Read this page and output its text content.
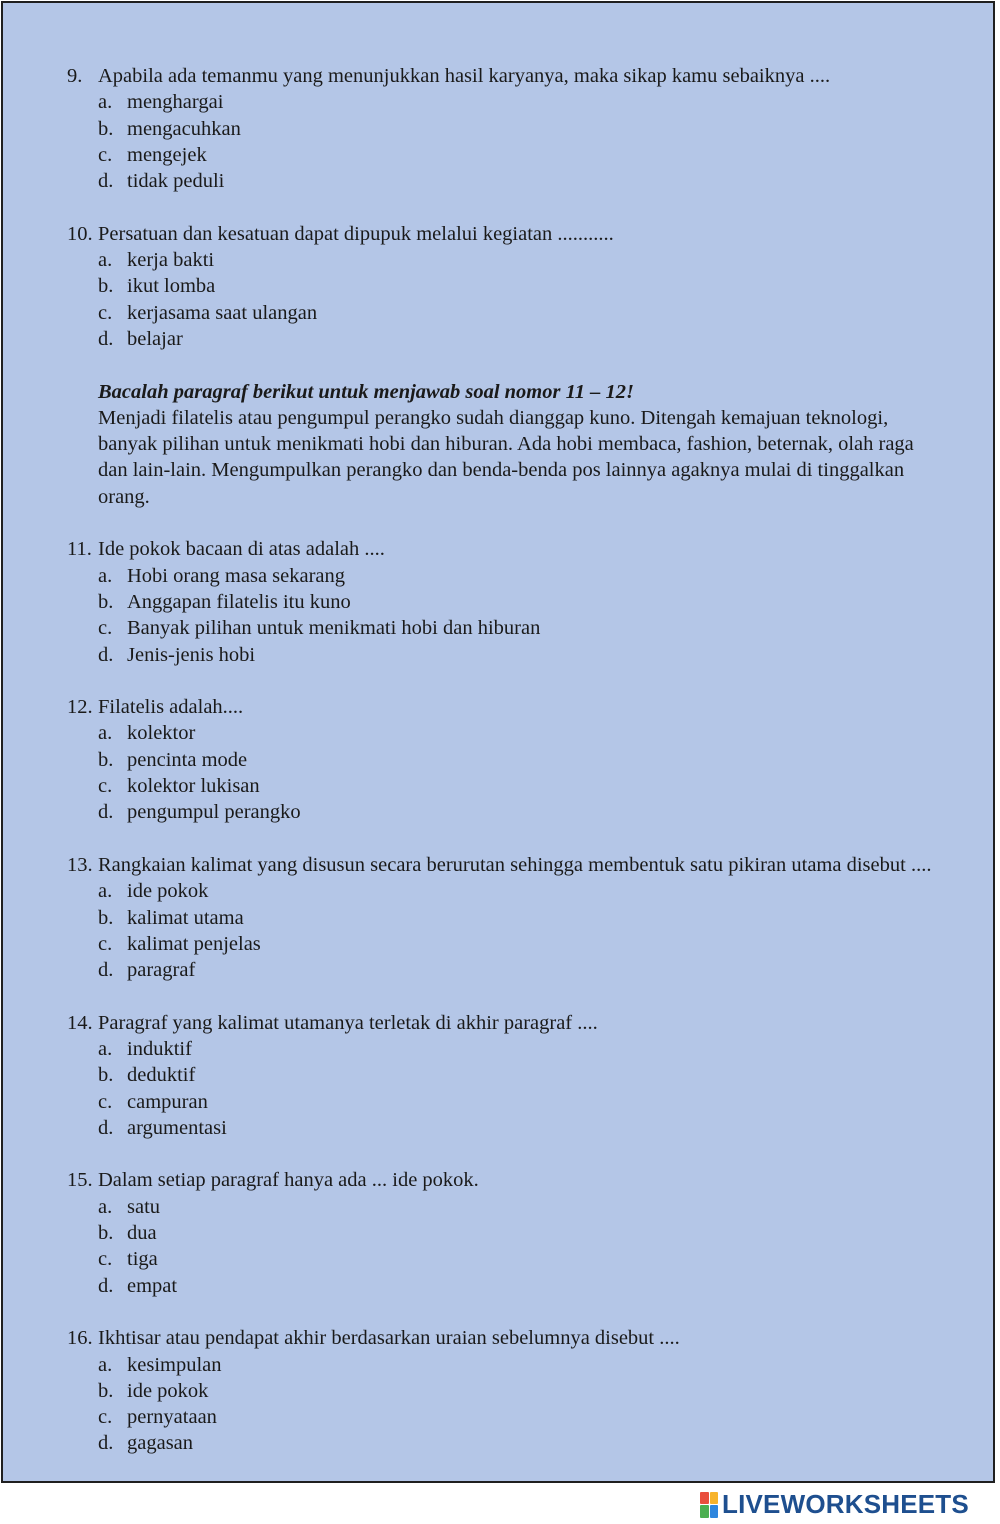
9. Apabila ada temanmu yang menunjukkan hasil karyanya, maka sikap kamu sebaiknya ....
a. menghargai
b. mengacuhkan
c. mengejek
d. tidak peduli
10. Persatuan dan kesatuan dapat dipupuk melalui kegiatan ...........
a. kerja bakti
b. ikut lomba
c. kerjasama saat ulangan
d. belajar
Bacalah paragraf berikut untuk menjawab soal nomor 11 – 12!
Menjadi filatelis atau pengumpul perangko sudah dianggap kuno. Ditengah kemajuan teknologi, banyak pilihan untuk menikmati hobi dan hiburan. Ada hobi membaca, fashion, beternak, olah raga dan lain-lain. Mengumpulkan perangko dan benda-benda pos lainnya agaknya mulai di tinggalkan orang.
11. Ide pokok bacaan di atas adalah ....
a. Hobi orang masa sekarang
b. Anggapan filatelis itu kuno
c. Banyak pilihan untuk menikmati hobi dan hiburan
d. Jenis-jenis hobi
12. Filatelis adalah....
a. kolektor
b. pencinta mode
c. kolektor lukisan
d. pengumpul perangko
13. Rangkaian kalimat yang disusun secara berurutan sehingga membentuk satu pikiran utama disebut ....
a. ide pokok
b. kalimat utama
c. kalimat penjelas
d. paragraf
14. Paragraf yang kalimat utamanya terletak di akhir paragraf ....
a. induktif
b. deduktif
c. campuran
d. argumentasi
15. Dalam setiap paragraf hanya ada ... ide pokok.
a. satu
b. dua
c. tiga
d. empat
16. Ikhtisar atau pendapat akhir berdasarkan uraian sebelumnya disebut ....
a. kesimpulan
b. ide pokok
c. pernyataan
d. gagasan
LIVEWORKSHEETS
